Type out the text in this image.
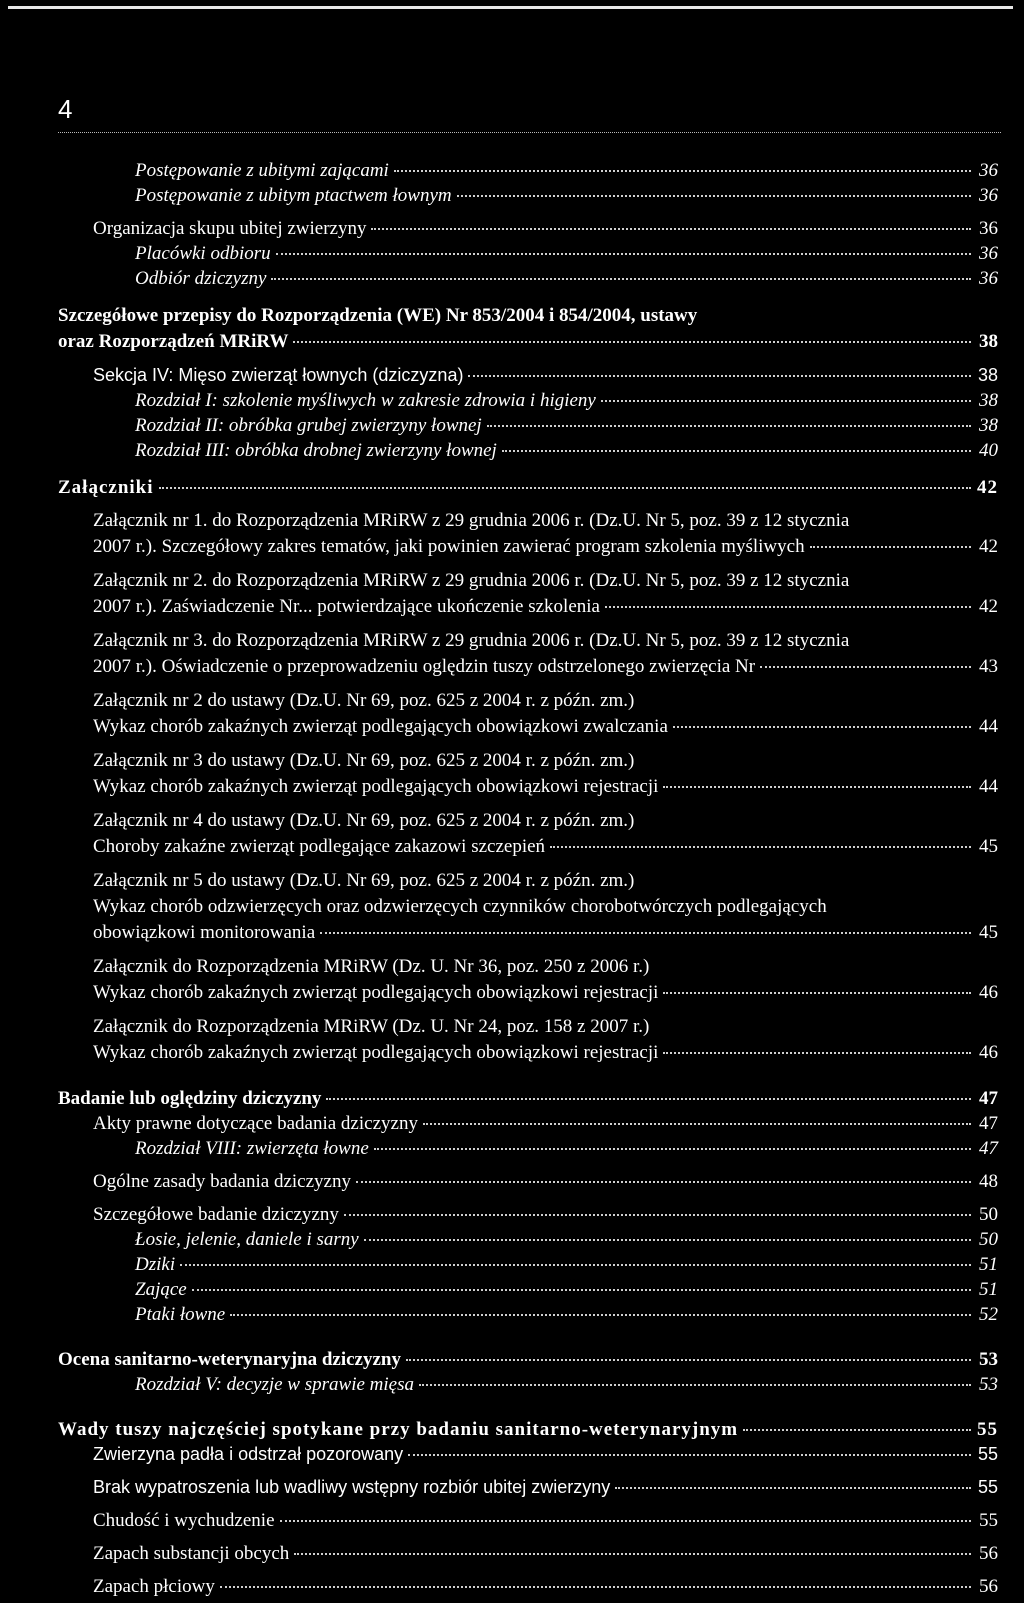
4
Postępowanie z ubitymi zającami	36
Postępowanie z ubitym ptactwem łownym	36
Organizacja skupu ubitej zwierzyny	36
Placówki odbioru	36
Odbiór dziczyzny	36
Szczegółowe przepisy do Rozporządzenia (WE) Nr 853/2004 i 854/2004, ustawy
oraz Rozporządzeń MRiRW	38
Sekcja IV: Mięso zwierząt łownych (dziczyzna)	38
Rozdział I: szkolenie myśliwych w zakresie zdrowia i higieny	38
Rozdział II: obróbka grubej zwierzyny łownej	38
Rozdział III: obróbka drobnej zwierzyny łownej	40
Załączniki	42
Załącznik nr 1. do Rozporządzenia MRiRW z 29 grudnia 2006 r. (Dz.U. Nr 5, poz. 39 z 12 stycznia
2007 r.). Szczegółowy zakres tematów, jaki powinien zawierać program szkolenia myśliwych	42
Załącznik nr 2. do Rozporządzenia MRiRW z 29 grudnia 2006 r. (Dz.U. Nr 5, poz. 39 z 12 stycznia
2007 r.). Zaświadczenie Nr... potwierdzające ukończenie szkolenia	42
Załącznik nr 3. do Rozporządzenia MRiRW z 29 grudnia 2006 r. (Dz.U. Nr 5, poz. 39 z 12 stycznia
2007 r.). Oświadczenie o przeprowadzeniu oględzin tuszy odstrzelonego zwierzęcia Nr	43
Załącznik nr 2 do ustawy (Dz.U. Nr 69, poz. 625 z 2004 r. z późn. zm.)
Wykaz chorób zakaźnych zwierząt podlegających obowiązkowi zwalczania	44
Załącznik nr 3 do ustawy (Dz.U. Nr 69, poz. 625 z 2004 r. z późn. zm.)
Wykaz chorób zakaźnych zwierząt podlegających obowiązkowi rejestracji	44
Załącznik nr 4 do ustawy (Dz.U. Nr 69, poz. 625 z 2004 r. z późn. zm.)
Choroby zakaźne zwierząt podlegające zakazowi szczepień	45
Załącznik nr 5 do ustawy (Dz.U. Nr 69, poz. 625 z 2004 r. z późn. zm.)
Wykaz chorób odzwierzęcych oraz odzwierzęcych czynników chorobotwórczych podlegających
obowiązkowi monitorowania	45
Załącznik do Rozporządzenia MRiRW (Dz. U. Nr 36, poz. 250 z 2006 r.)
Wykaz chorób zakaźnych zwierząt podlegających obowiązkowi rejestracji	46
Załącznik do Rozporządzenia MRiRW (Dz. U. Nr 24, poz. 158 z 2007 r.)
Wykaz chorób zakaźnych zwierząt podlegających obowiązkowi rejestracji	46
Badanie lub oględziny dziczyzny	47
Akty prawne dotyczące badania dziczyzny	47
Rozdział VIII: zwierzęta łowne	47
Ogólne zasady badania dziczyzny	48
Szczegółowe badanie dziczyzny	50
Łosie, jelenie, daniele i sarny	50
Dziki	51
Zające	51
Ptaki łowne	52
Ocena sanitarno-weterynaryjna dziczyzny	53
Rozdział V: decyzje w sprawie mięsa	53
Wady tuszy najczęściej spotykane przy badaniu sanitarno-weterynaryjnym	55
Zwierzyna padła i odstrzał pozorowany	55
Brak wypatroszenia lub wadliwy wstępny rozbiór ubitej zwierzyny	55
Chudość i wychudzenie	55
Zapach substancji obcych	56
Zapach płciowy	56
